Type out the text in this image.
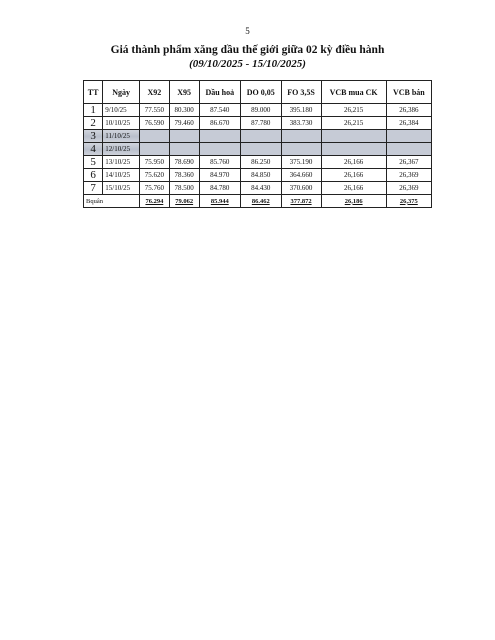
5
Giá thành phẩm xăng dầu thế giới giữa 02 kỳ điều hành
(09/10/2025 - 15/10/2025)
TT	Ngày	X92	X95	Dầu hoả	DO 0,05	FO 3,5S	VCB mua CK	VCB bán
1	9/10/25	77.550	80.300	87.540	89.000	395.180	26,215	26,386
2	10/10/25	76.590	79.460	86.670	87.780	383.730	26,215	26,384
3	11/10/25							
4	12/10/25							
5	13/10/25	75.950	78.690	85.760	86.250	375.190	26,166	26,367
6	14/10/25	75.620	78.360	84.970	84.850	364.660	26,166	26,369
7	15/10/25	75.760	78.500	84.780	84.430	370.600	26,166	26,369
Bquân		76.294	79.062	85.944	86.462	377.872	26,186	26,375
